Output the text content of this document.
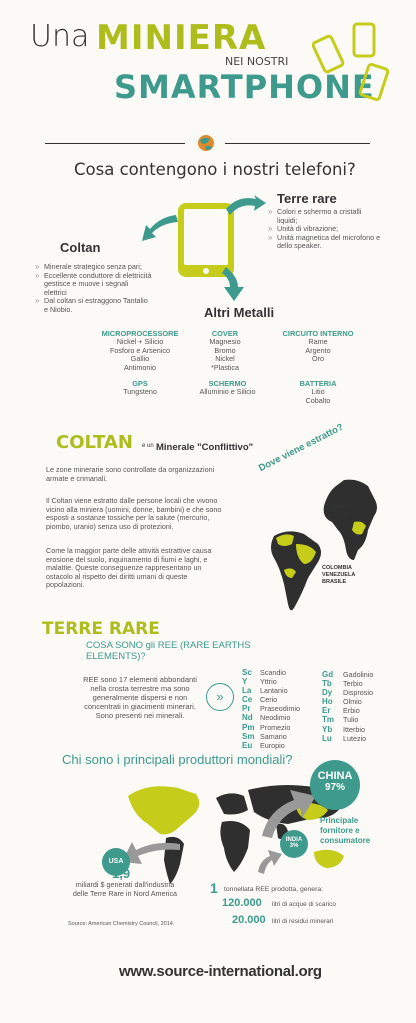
Una MINIERA
NEI NOSTRI
SMARTPHONE
Cosa contengono i nostri telefoni?
Terre rare
» Colori e schermo a cristalli liquidi;
» Unità di vibrazione;
» Unità magnetica del microfono e dello speaker.
Coltan
» Minerale strategico senza pari;
» Eccellente conduttore di elettricità gestisce e muove i segnali elettrici
» Dal coltan si estraggono Tantalio e Niobio.	Altri Metalli
MICROPROCESSORE
Nickel + Silicio
Fosforo e Arsenico
Gallio
Antimonio
COVER
Magnesio
Bromo
Nickel
*Plastica
CIRCUITO INTERNO
Rame
Argento
Oro
GPS
Tungsteno
SCHERMO
Alluminio e Silicio
BATTERIA
Litio
Cobalto
COLTAN e un Minerale "Conflittivo"
Le zone minerarie sono controllate da organizzazioni armate e crimanali.
Il Coltan viene estratto dalle persone locali che vivono vicino alla miniera (uomini, donne, bambini) e che sono esposti a sostanze tossiche per la salute (mercurio, piombo, uranio) senza uso di protezioni.
Come la maggior parte delle attività estrattive causa erosione del suolo, inquinamento di fiumi e laghi, e malattie. Queste conseguenze rappresentano un ostacolo al rispetto dei diritti umani di queste popolazioni.
Dove viene estratto?
CONGO
RDC
COLOMBIA
VENEZUELA
BRASILE
TERRE RARE
COSA SONO gli REE (RARE EARTHS ELEMENTS)?
REE sono 17 elementi abbondanti nella crosta terrestre ma sono generalmente dispersi e non concentrati in giacimenti minerari.
Sono presenti nei minerali.
»
Sc
Y
La
Ce
Pr
Nd
Pm
Sm
Eu
Scandio
Yttrio
Lantanio
Cerio
Praseodimio
Neodimio
Promezio
Samario
Europio
Gd
Tb
Dy
Ho
Er
Tm
Yb
Lu
Gadolinio
Terbio
Disprosio
Olmio
Erbio
Tulio
Itterbio
Lutezio
Chi sono i principali produttori mondiali?
USA
CHINA
97%
Principale fornitore e consumatore
INDIA
3%
1,9
miliardi $ generati dall'industria delle Terre Rare in Nord America 1 tonnellata REE prodotta, genera:
120.000 litri di acque di scarico
20.000 litri di residui minerari
Source: American Chemistry Council, 2014.
www.source-international.org
